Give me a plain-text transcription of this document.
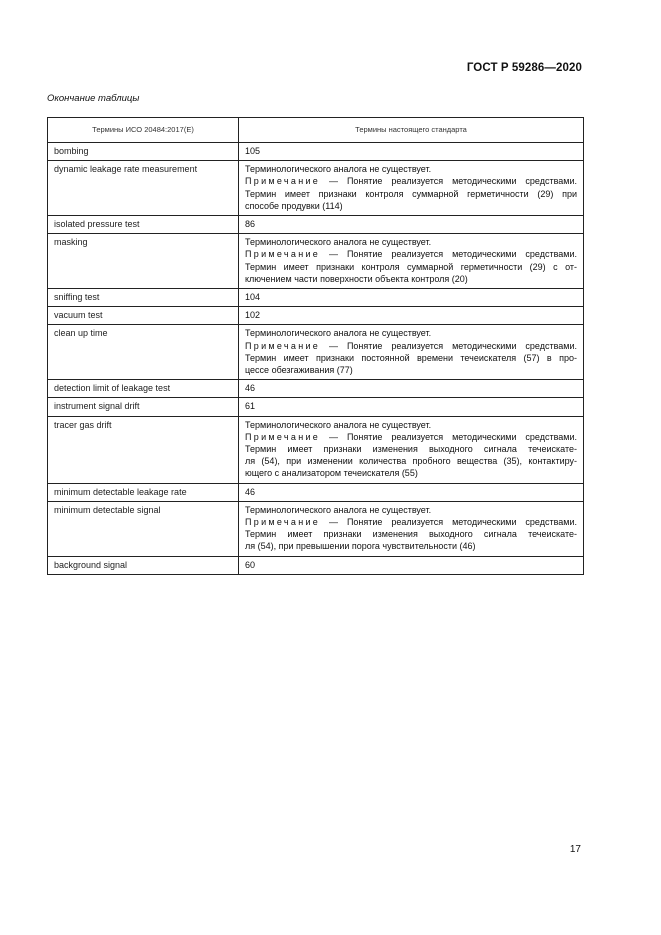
ГОСТ Р 59286—2020
Окончание таблицы
Термины ИСО 20484:2017(E)	Термины настоящего стандарта
bombing	105

dynamic leakage rate measurement	Терминологического аналога не существует.
Примечание — Понятие реализуется методическими средствами.
Термин имеет признаки контроля суммарной герметичности (29) при
способе продувки (114)

isolated pressure test	86

masking	Терминологического аналога не существует.
Примечание — Понятие реализуется методическими средствами.
Термин имеет признаки контроля суммарной герметичности (29) с от-
ключением части поверхности объекта контроля (20)

sniffing test	104

vacuum test	102

clean up time	Терминологического аналога не существует.
Примечание — Понятие реализуется методическими средствами.
Термин имеет признаки постоянной времени течеискателя (57) в про-
цессе обезгаживания (77)

detection limit of leakage test	46

instrument signal drift	61

tracer gas drift	Терминологического аналога не существует.
Примечание — Понятие реализуется методическими средствами.
Термин имеет признаки изменения выходного сигнала течеискате-
ля (54), при изменении количества пробного вещества (35), контактиру-
ющего с анализатором течеискателя (55)

minimum detectable leakage rate	46

minimum detectable signal	Терминологического аналога не существует.
Примечание — Понятие реализуется методическими средствами.
Термин имеет признаки изменения выходного сигнала течеискате-
ля (54), при превышении порога чувствительности (46)

background signal	60
17
